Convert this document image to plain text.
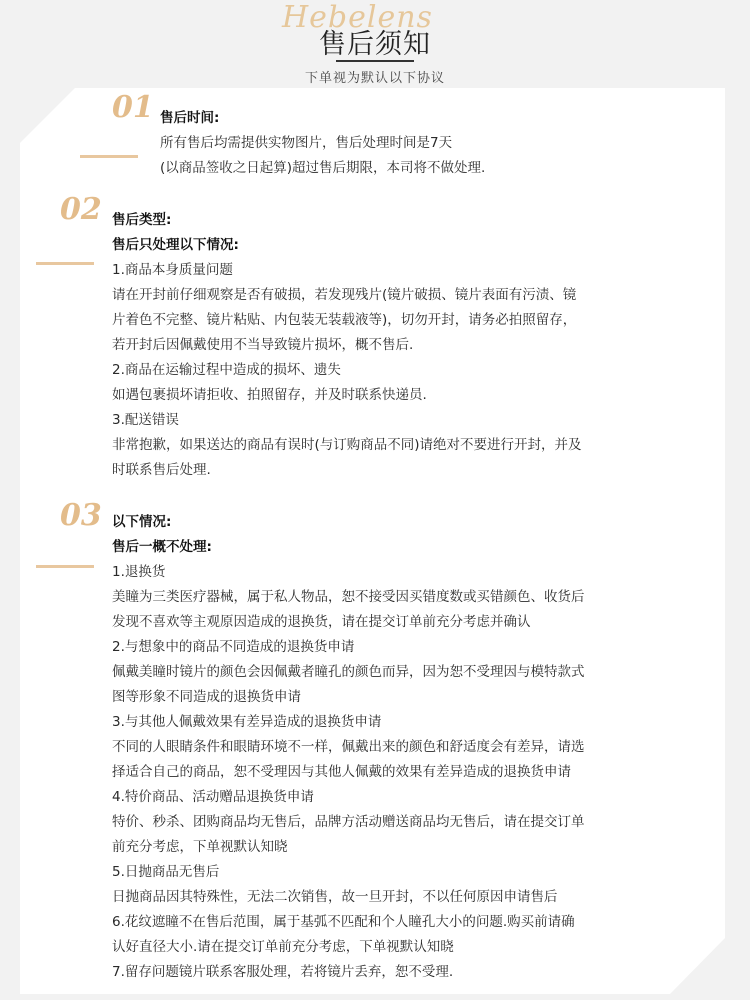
Hebelens
售后须知
下单视为默认以下协议
01 售后时间:
所有售后均需提供实物图片，售后处理时间是7天
(以商品签收之日起算)超过售后期限，本司将不做处理.
02 售后类型:
售后只处理以下情况:
1.商品本身质量问题
请在开封前仔细观察是否有破损，若发现残片(镜片破损、镜片表面有污渍、镜
片着色不完整、镜片粘贴、内包装无装载液等)，切勿开封，请务必拍照留存，
若开封后因佩戴使用不当导致镜片损坏，概不售后.
2.商品在运输过程中造成的损坏、遗失
如遇包裹损坏请拒收、拍照留存，并及时联系快递员.
3.配送错误
非常抱歉，如果送达的商品有误时(与订购商品不同)请绝对不要进行开封，并及
时联系售后处理.
03 以下情况:
售后一概不处理:
1.退换货
美瞳为三类医疗器械，属于私人物品，恕不接受因买错度数或买错颜色、收货后
发现不喜欢等主观原因造成的退换货，请在提交订单前充分考虑并确认
2.与想象中的商品不同造成的退换货申请
佩戴美瞳时镜片的颜色会因佩戴者瞳孔的颜色而异，因为恕不受理因与模特款式
图等形象不同造成的退换货申请
3.与其他人佩戴效果有差异造成的退换货申请
不同的人眼睛条件和眼睛环境不一样，佩戴出来的颜色和舒适度会有差异，请选
择适合自己的商品，恕不受理因与其他人佩戴的效果有差异造成的退换货申请
4.特价商品、活动赠品退换货申请
特价、秒杀、团购商品均无售后，品牌方活动赠送商品均无售后，请在提交订单
前充分考虑，下单视默认知晓
5.日抛商品无售后
日抛商品因其特殊性，无法二次销售，故一旦开封，不以任何原因申请售后
6.花纹遮瞳不在售后范围，属于基弧不匹配和个人瞳孔大小的问题.购买前请确
认好直径大小.请在提交订单前充分考虑，下单视默认知晓
7.留存问题镜片联系客服处理，若将镜片丢弃，恕不受理.
